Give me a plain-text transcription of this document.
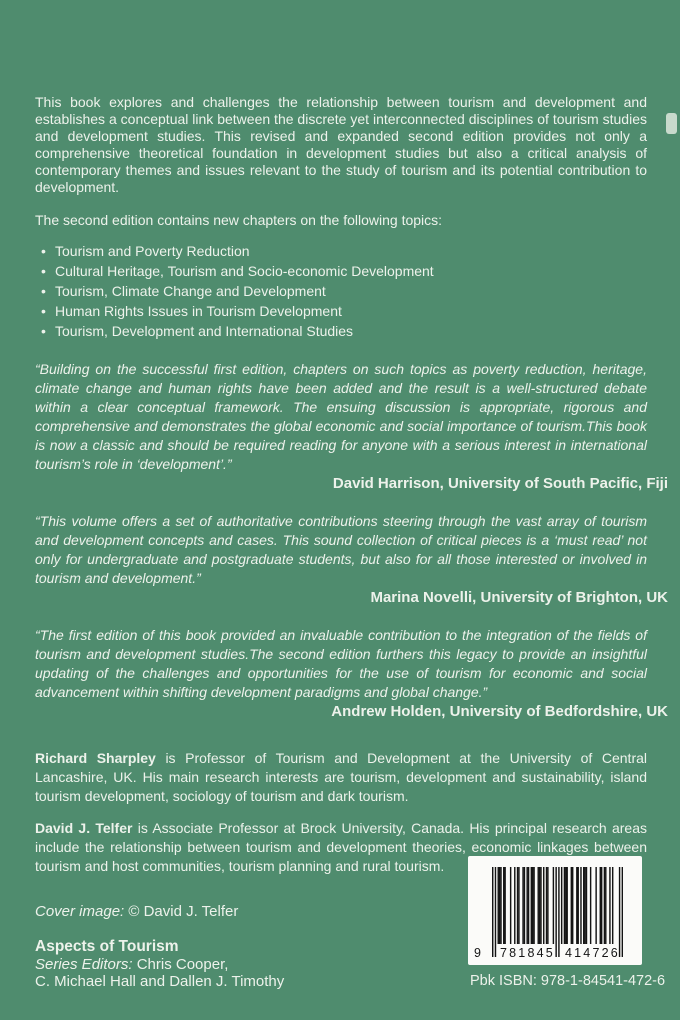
This book explores and challenges the relationship between tourism and development and establishes a conceptual link between the discrete yet interconnected disciplines of tourism studies and development studies. This revised and expanded second edition provides not only a comprehensive theoretical foundation in development studies but also a critical analysis of contemporary themes and issues relevant to the study of tourism and its potential contribution to development.

The second edition contains new chapters on the following topics:

• Tourism and Poverty Reduction
• Cultural Heritage, Tourism and Socio-economic Development
• Tourism, Climate Change and Development
• Human Rights Issues in Tourism Development
• Tourism, Development and International Studies

“Building on the successful first edition, chapters on such topics as poverty reduction, heritage, climate change and human rights have been added and the result is a well-structured debate within a clear conceptual framework. The ensuing discussion is appropriate, rigorous and comprehensive and demonstrates the global economic and social importance of tourism.This book is now a classic and should be required reading for anyone with a serious interest in international tourism’s role in ‘development’.”

David Harrison, University of South Pacific, Fiji

“This volume offers a set of authoritative contributions steering through the vast array of tourism and development concepts and cases. This sound collection of critical pieces is a ‘must read’ not only for undergraduate and postgraduate students, but also for all those interested or involved in tourism and development.”

Marina Novelli, University of Brighton, UK

“The first edition of this book provided an invaluable contribution to the integration of the fields of tourism and development studies.The second edition furthers this legacy to provide an insightful updating of the challenges and opportunities for the use of tourism for economic and social advancement within shifting development paradigms and global change.”

Andrew Holden, University of Bedfordshire, UK

Richard Sharpley is Professor of Tourism and Development at the University of Central Lancashire, UK. His main research interests are tourism, development and sustainability, island tourism development, sociology of tourism and dark tourism.

David J. Telfer is Associate Professor at Brock University, Canada. His principal research areas include the relationship between tourism and development theories, economic linkages between tourism and host communities, tourism planning and rural tourism.

Cover image: © David J. Telfer
Aspects of Tourism
Series Editors: Chris Cooper,
C. Michael Hall and Dallen J. Timothy
9 781845 414726
Pbk ISBN: 978-1-84541-472-6
